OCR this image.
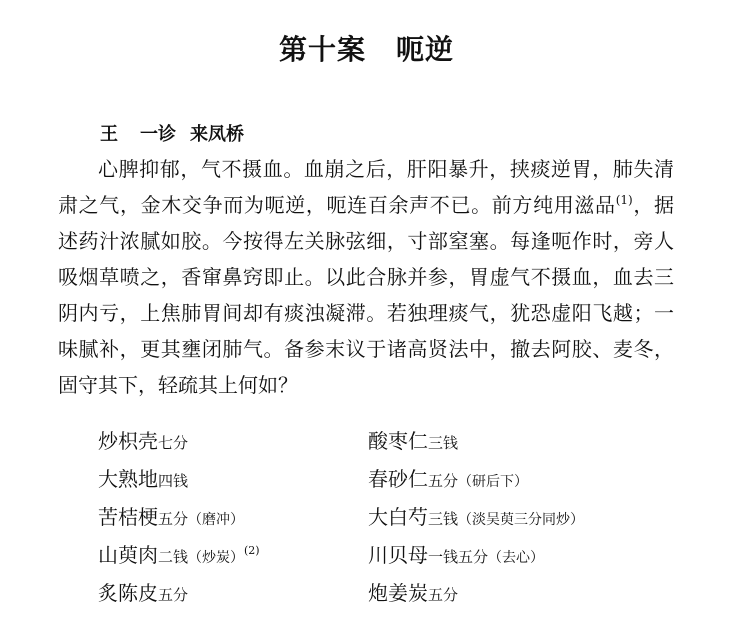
第十案 呃逆
王 一诊 来凤桥

心脾抑郁，气不摄血。血崩之后，肝阳暴升，挟痰逆胃，肺失清肃之气，金木交争而为呃逆，呃连百余声不已。前方纯用滋品$^{(1)}$，据述药汁浓腻如胶。今按得左关脉弦细，寸部窒塞。每逢呃作时，旁人吸烟草喷之，香窜鼻窍即止。以此合脉并参，胃虚气不摄血，血去三阴内亏，上焦肺胃间却有痰浊凝滞。若独理痰气，犹恐虚阳飞越；一味腻补，更其壅闭肺气。备参末议于诸高贤法中，撤去阿胶、麦冬，固守其下，轻疏其上何如？

炒枳壳七分	酸枣仁三钱
大熟地四钱	春砂仁五分（研后下）
苦桔梗五分（磨冲）	大白芍三钱（淡吴萸三分同炒）
山萸肉二钱（炒炭）$^{(2)}$	川贝母一钱五分（去心）
炙陈皮五分	炮姜炭五分
